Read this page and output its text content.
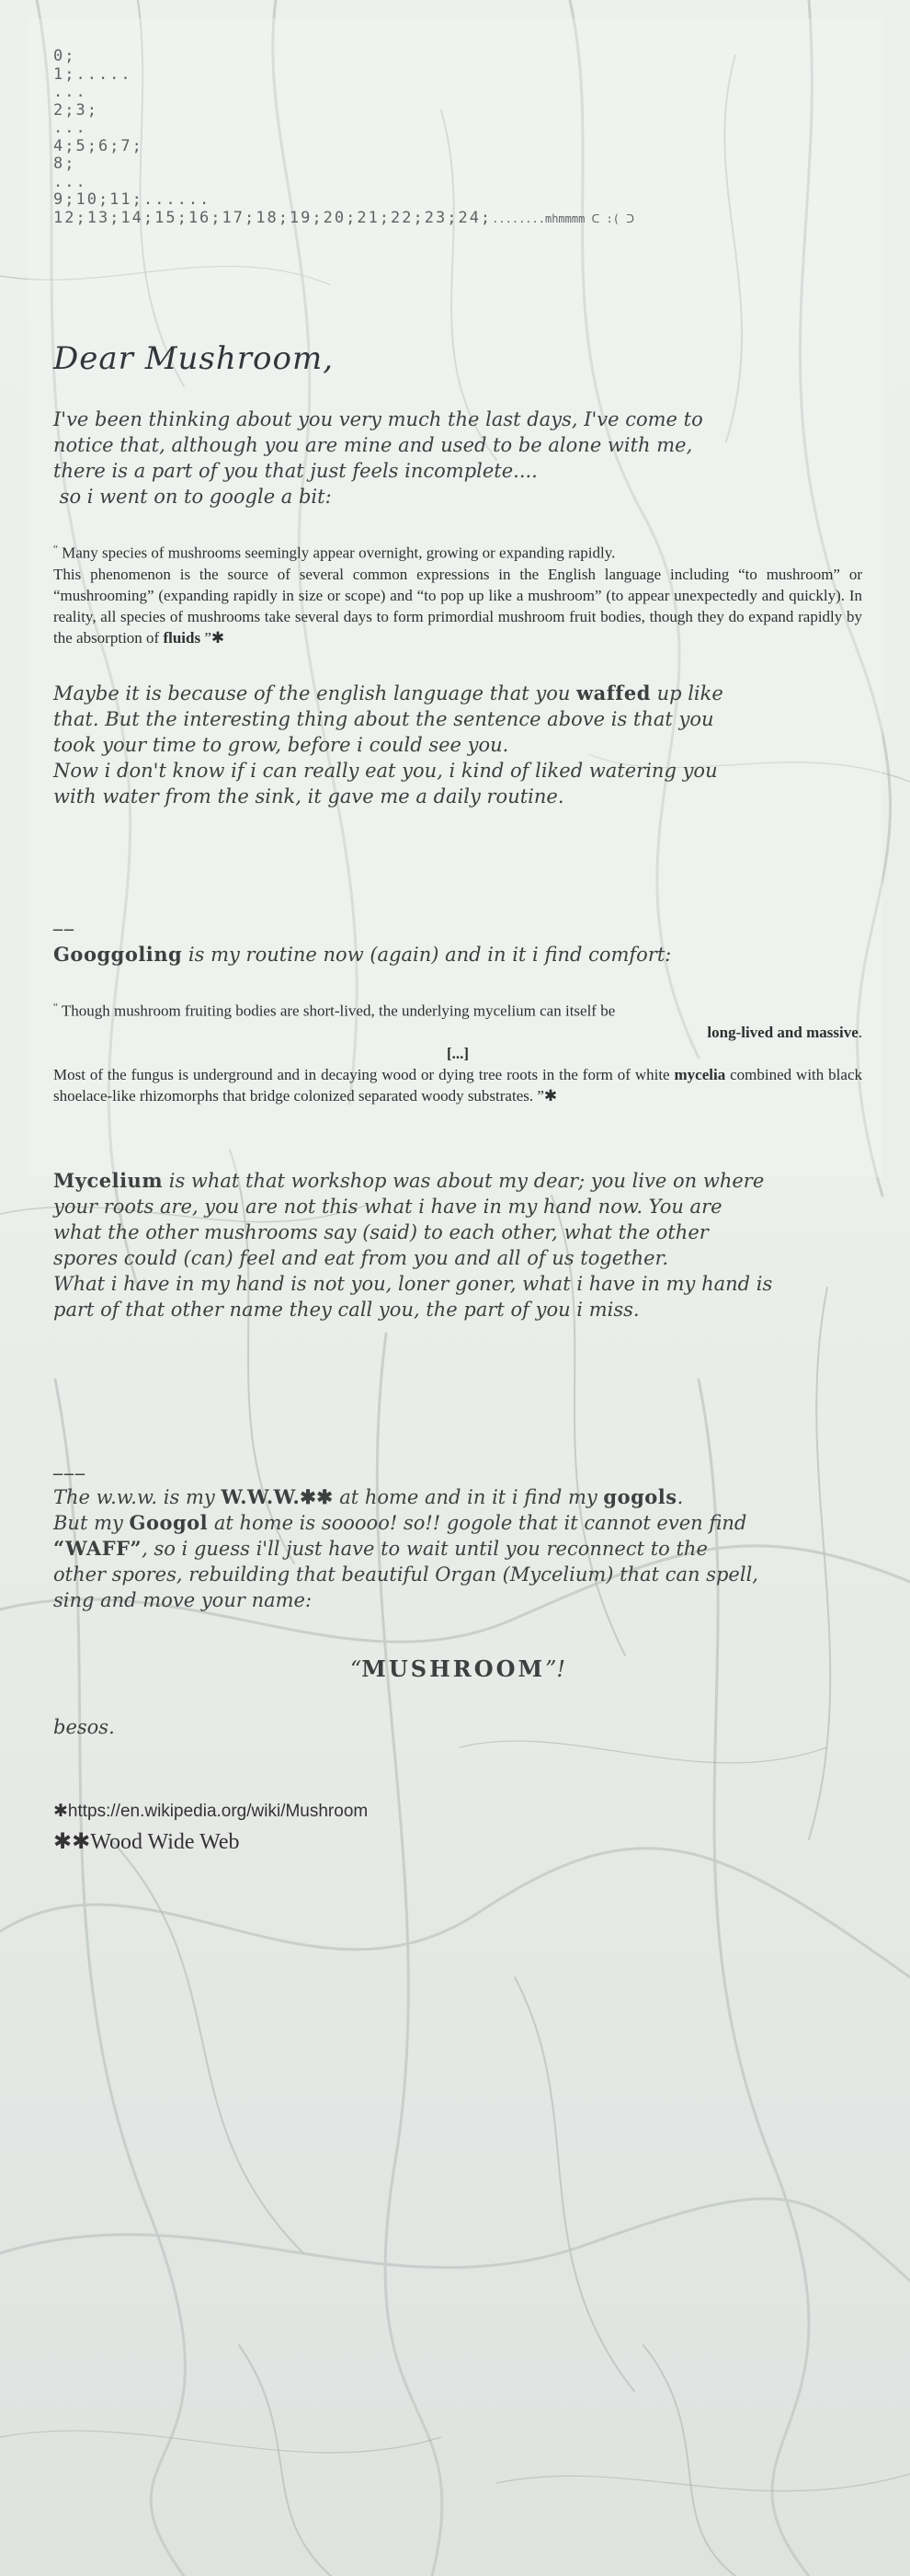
0;
1;.....
...
2;3;
...
4;5;6;7;
8;
...
9;10;11;......
12;13;14;15;16;17;18;19;20;21;22;23;24;........mhmmmm ᑕ :( ᑐ
Dear Mushroom,
I've been thinking about you very much the last days, I've come to
notice that, although you are mine and used to be alone with me,
there is a part of you that just feels incomplete....
so i went on to google a bit:
“ Many species of mushrooms seemingly appear overnight, growing or expanding rapidly.
This phenomenon is the source of several common expressions in the English language including “to mushroom” or “mushrooming” (expanding rapidly in size or scope) and “to pop up like a mushroom” (to appear unexpectedly and quickly). In reality, all species of mushrooms take several days to form primordial mushroom fruit bodies, though they do expand rapidly by the absorption of fluids ”✱
Maybe it is because of the english language that you waffed up like
that. But the interesting thing about the sentence above is that you
took your time to grow, before i could see you.
Now i don't know if i can really eat you, i kind of liked watering you
with water from the sink, it gave me a daily routine.
__
Googgoling is my routine now (again) and in it i find comfort:
“ Though mushroom fruiting bodies are short-lived, the underlying mycelium can itself be
long-lived and massive.
[...]
Most of the fungus is underground and in decaying wood or dying tree roots in the form of white mycelia combined with black shoelace-like rhizomorphs that bridge colonized separated woody substrates. ”✱
Mycelium is what that workshop was about my dear; you live on where
your roots are, you are not this what i have in my hand now. You are
what the other mushrooms say (said) to each other, what the other
spores could (can) feel and eat from you and all of us together.
What i have in my hand is not you, loner goner, what i have in my hand is
part of that other name they call you, the part of you i miss.
___
The w.w.w. is my W.W.W.✱✱ at home and in it i find my gogols.
But my Googol at home is sooooo! so!! gogole that it cannot even find
“WAFF”, so i guess i'll just have to wait until you reconnect to the
other spores, rebuilding that beautiful Organ (Mycelium) that can spell,
sing and move your name:
“MUSHROOM”!
besos.
✱https://en.wikipedia.org/wiki/Mushroom
✱✱Wood Wide Web
